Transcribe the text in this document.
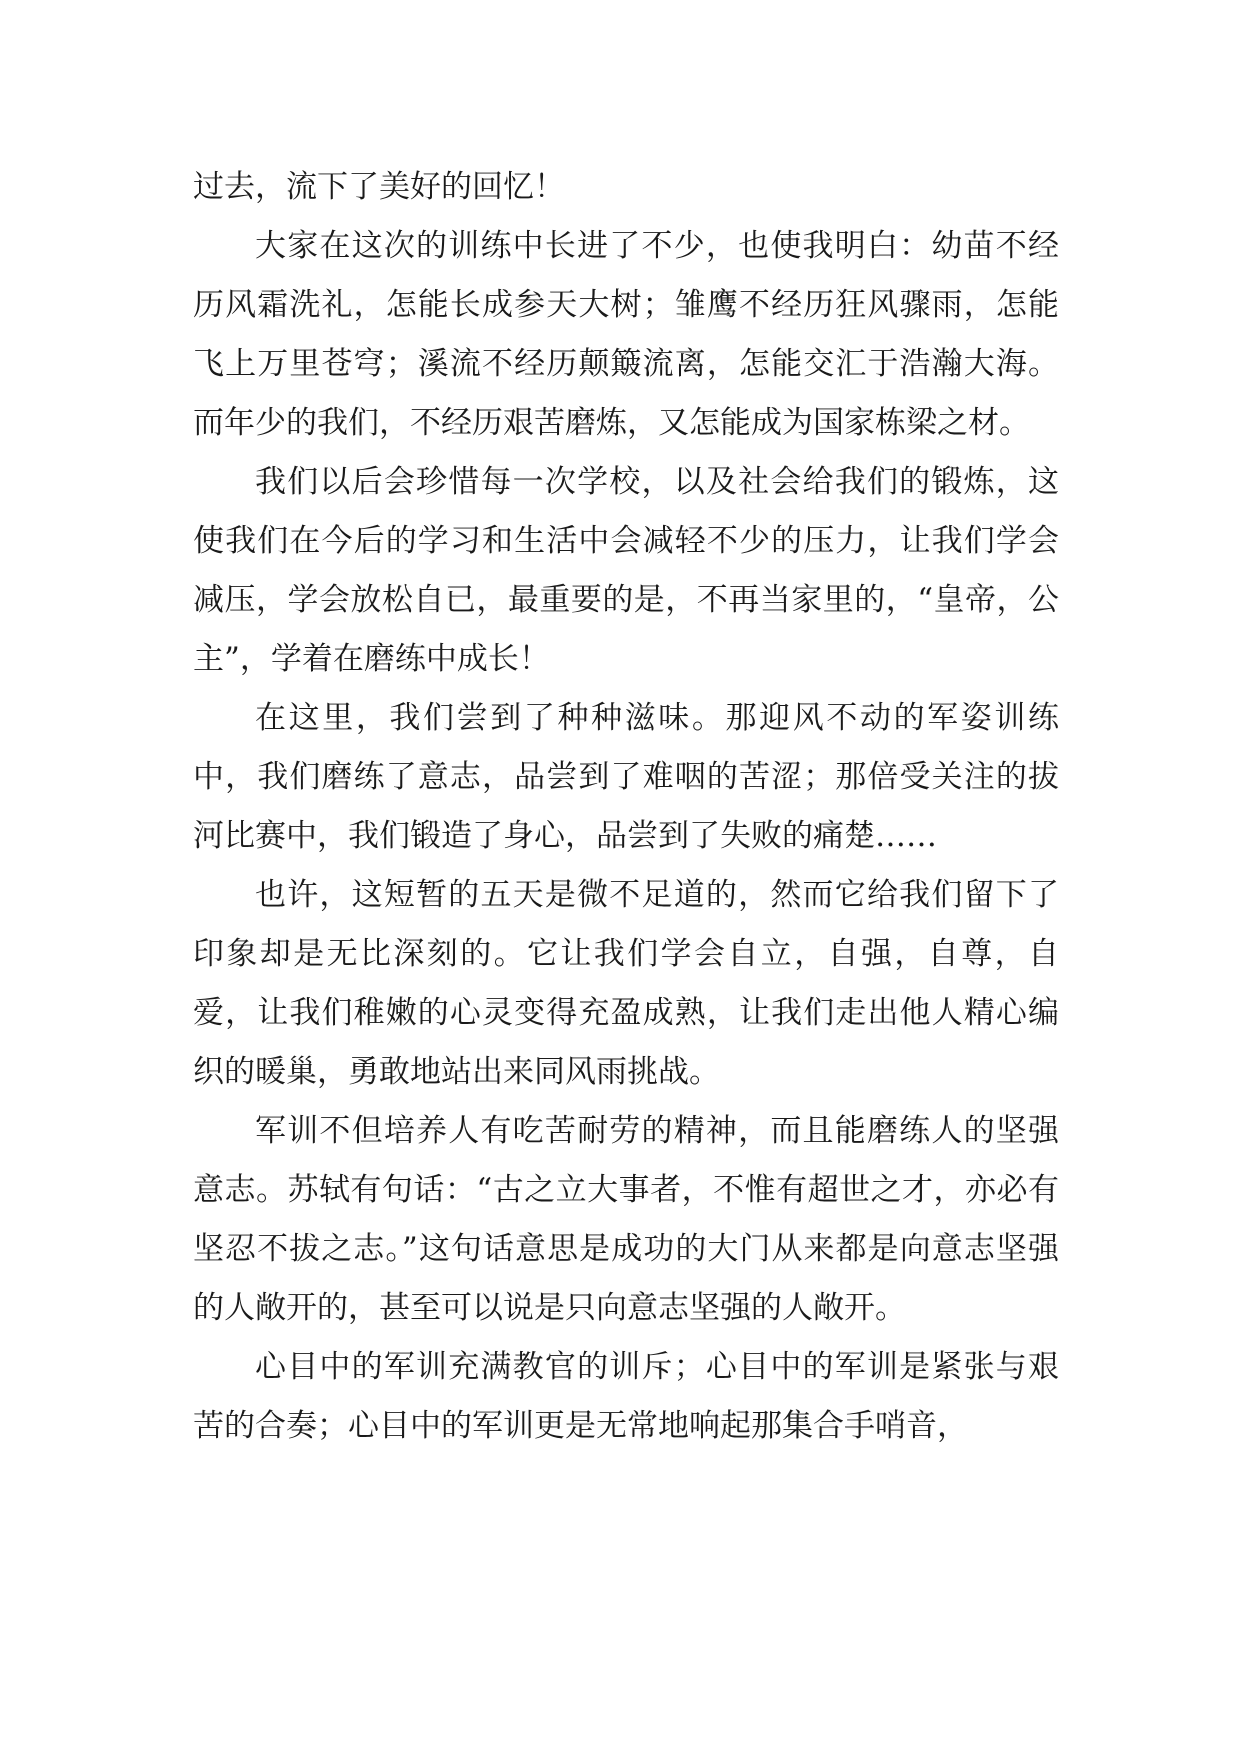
过去，流下了美好的回忆！

大家在这次的训练中长进了不少，也使我明白：幼苗不经历风霜洗礼，怎能长成参天大树；雏鹰不经历狂风骤雨，怎能飞上万里苍穹；溪流不经历颠簸流离，怎能交汇于浩瀚大海。而年少的我们，不经历艰苦磨炼，又怎能成为国家栋梁之材。

我们以后会珍惜每一次学校，以及社会给我们的锻炼，这使我们在今后的学习和生活中会减轻不少的压力，让我们学会减压，学会放松自已，最重要的是，不再当家里的，“皇帝，公主”，学着在磨练中成长！

在这里，我们尝到了种种滋味。那迎风不动的军姿训练中，我们磨练了意志，品尝到了难咽的苦涩；那倍受关注的拔河比赛中，我们锻造了身心，品尝到了失败的痛楚……

也许，这短暂的五天是微不足道的，然而它给我们留下了印象却是无比深刻的。它让我们学会自立，自强，自尊，自爱，让我们稚嫩的心灵变得充盈成熟，让我们走出他人精心编织的暖巢，勇敢地站出来同风雨挑战。

军训不但培养人有吃苦耐劳的精神，而且能磨练人的坚强意志。苏轼有句话：“古之立大事者，不惟有超世之才，亦必有坚忍不拔之志。”这句话意思是成功的大门从来都是向意志坚强的人敞开的，甚至可以说是只向意志坚强的人敞开。

心目中的军训充满教官的训斥；心目中的军训是紧张与艰苦的合奏；心目中的军训更是无常地响起那集合手哨音，
